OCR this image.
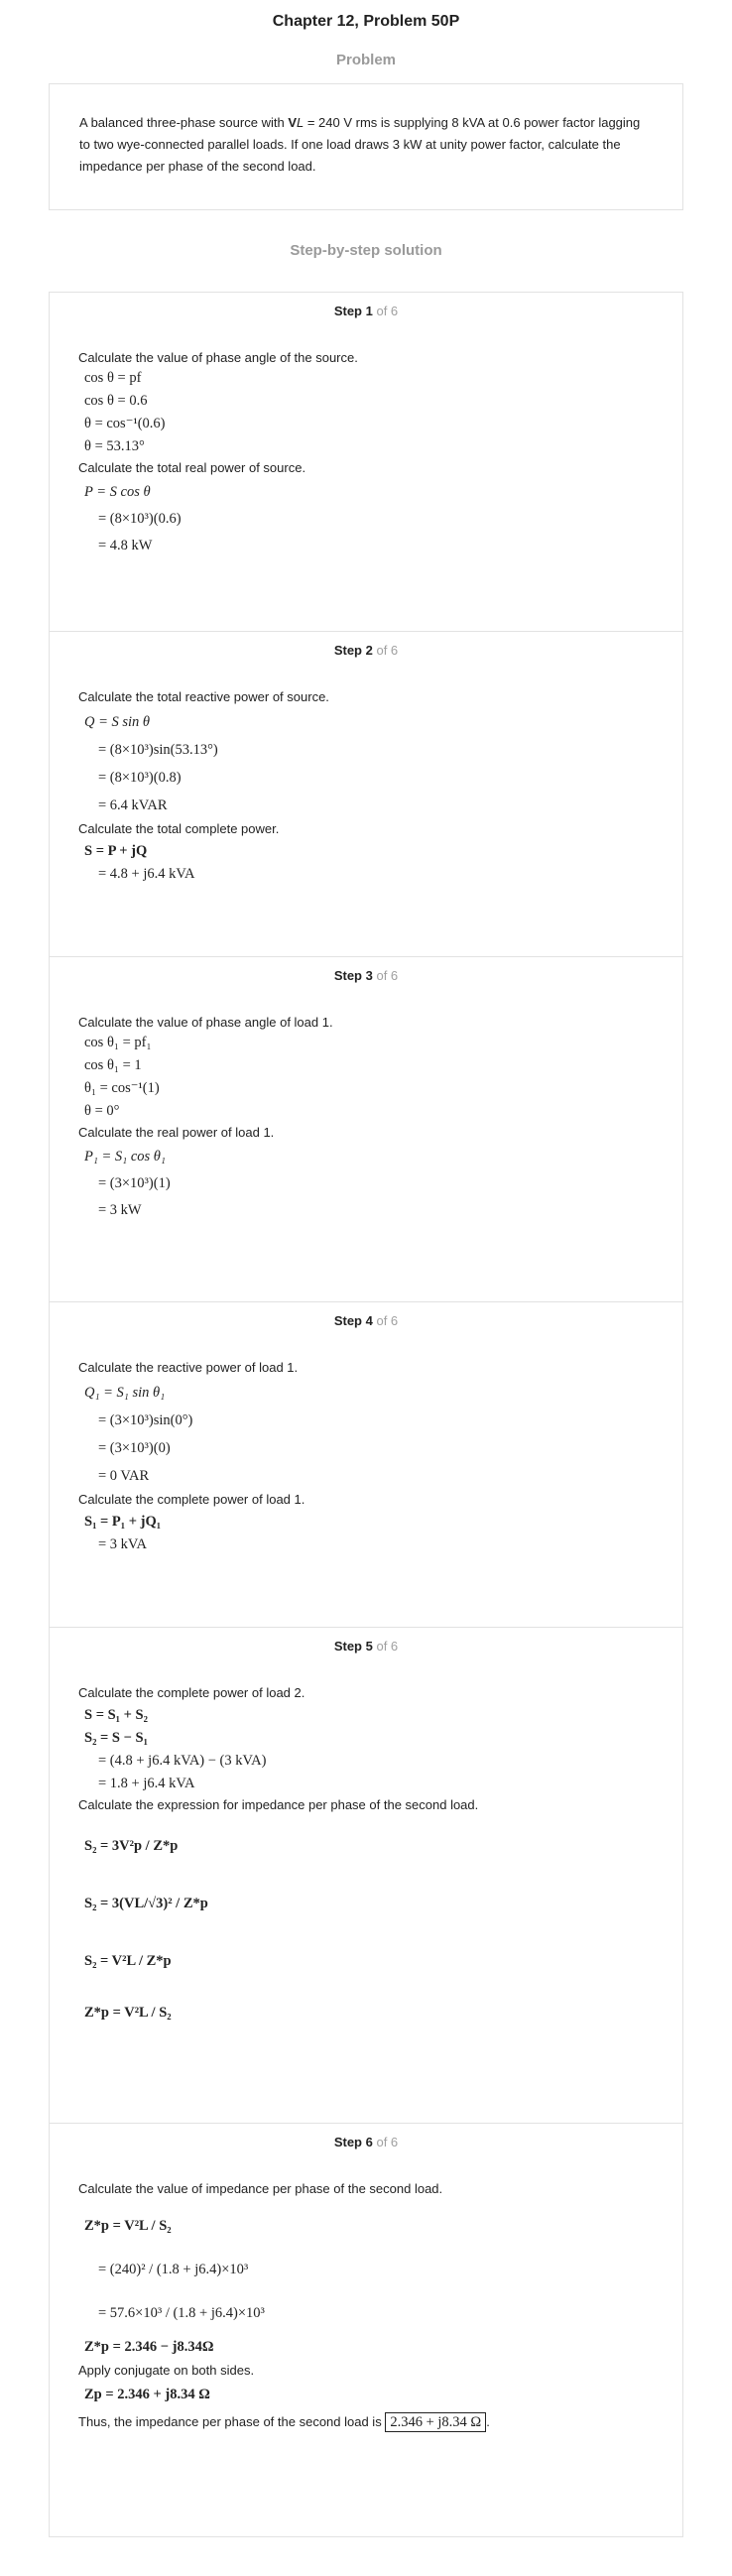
Chapter 12, Problem 50P
Problem
A balanced three-phase source with VL = 240 V rms is supplying 8 kVA at 0.6 power factor lagging to two wye-connected parallel loads. If one load draws 3 kW at unity power factor, calculate the impedance per phase of the second load.
Step-by-step solution
Step 1 of 6
Calculate the value of phase angle of the source.
cos θ = pf
cos θ = 0.6
θ = cos⁻¹(0.6)
θ = 53.13°
Calculate the total real power of source.
P = S cos θ
= (8×10³)(0.6)
= 4.8 kW
Step 2 of 6
Calculate the total reactive power of source.
Q = S sin θ
= (8×10³)sin(53.13°)
= (8×10³)(0.8)
= 6.4 kVAR
Calculate the total complete power.
S = P + jQ
= 4.8 + j6.4 kVA
Step 3 of 6
Calculate the value of phase angle of load 1.
cos θ₁ = pf₁
cos θ₁ = 1
θ₁ = cos⁻¹(1)
θ = 0°
Calculate the real power of load 1.
P₁ = S₁ cos θ₁
= (3×10³)(1)
= 3 kW
Step 4 of 6
Calculate the reactive power of load 1.
Q₁ = S₁ sin θ₁
= (3×10³)sin(0°)
= (3×10³)(0)
= 0 VAR
Calculate the complete power of load 1.
S₁ = P₁ + jQ₁
= 3 kVA
Step 5 of 6
Calculate the complete power of load 2.
S = S₁ + S₂
S₂ = S − S₁
= (4.8 + j6.4 kVA) − (3 kVA)
= 1.8 + j6.4 kVA
Calculate the expression for impedance per phase of the second load.
S₂ = 3V²p / Z*p
S₂ = 3(VL/√3)² / Z*p
S₂ = V²L / Z*p
Z*p = V²L / S₂
Step 6 of 6
Calculate the value of impedance per phase of the second load.
Z*p = V²L / S₂
= (240)² / (1.8 + j6.4)×10³
= 57.6×10³ / (1.8 + j6.4)×10³
Z*p = 2.346 − j8.34Ω
Apply conjugate on both sides.
Zp = 2.346 + j8.34 Ω
Thus, the impedance per phase of the second load is 2.346 + j8.34 Ω .
